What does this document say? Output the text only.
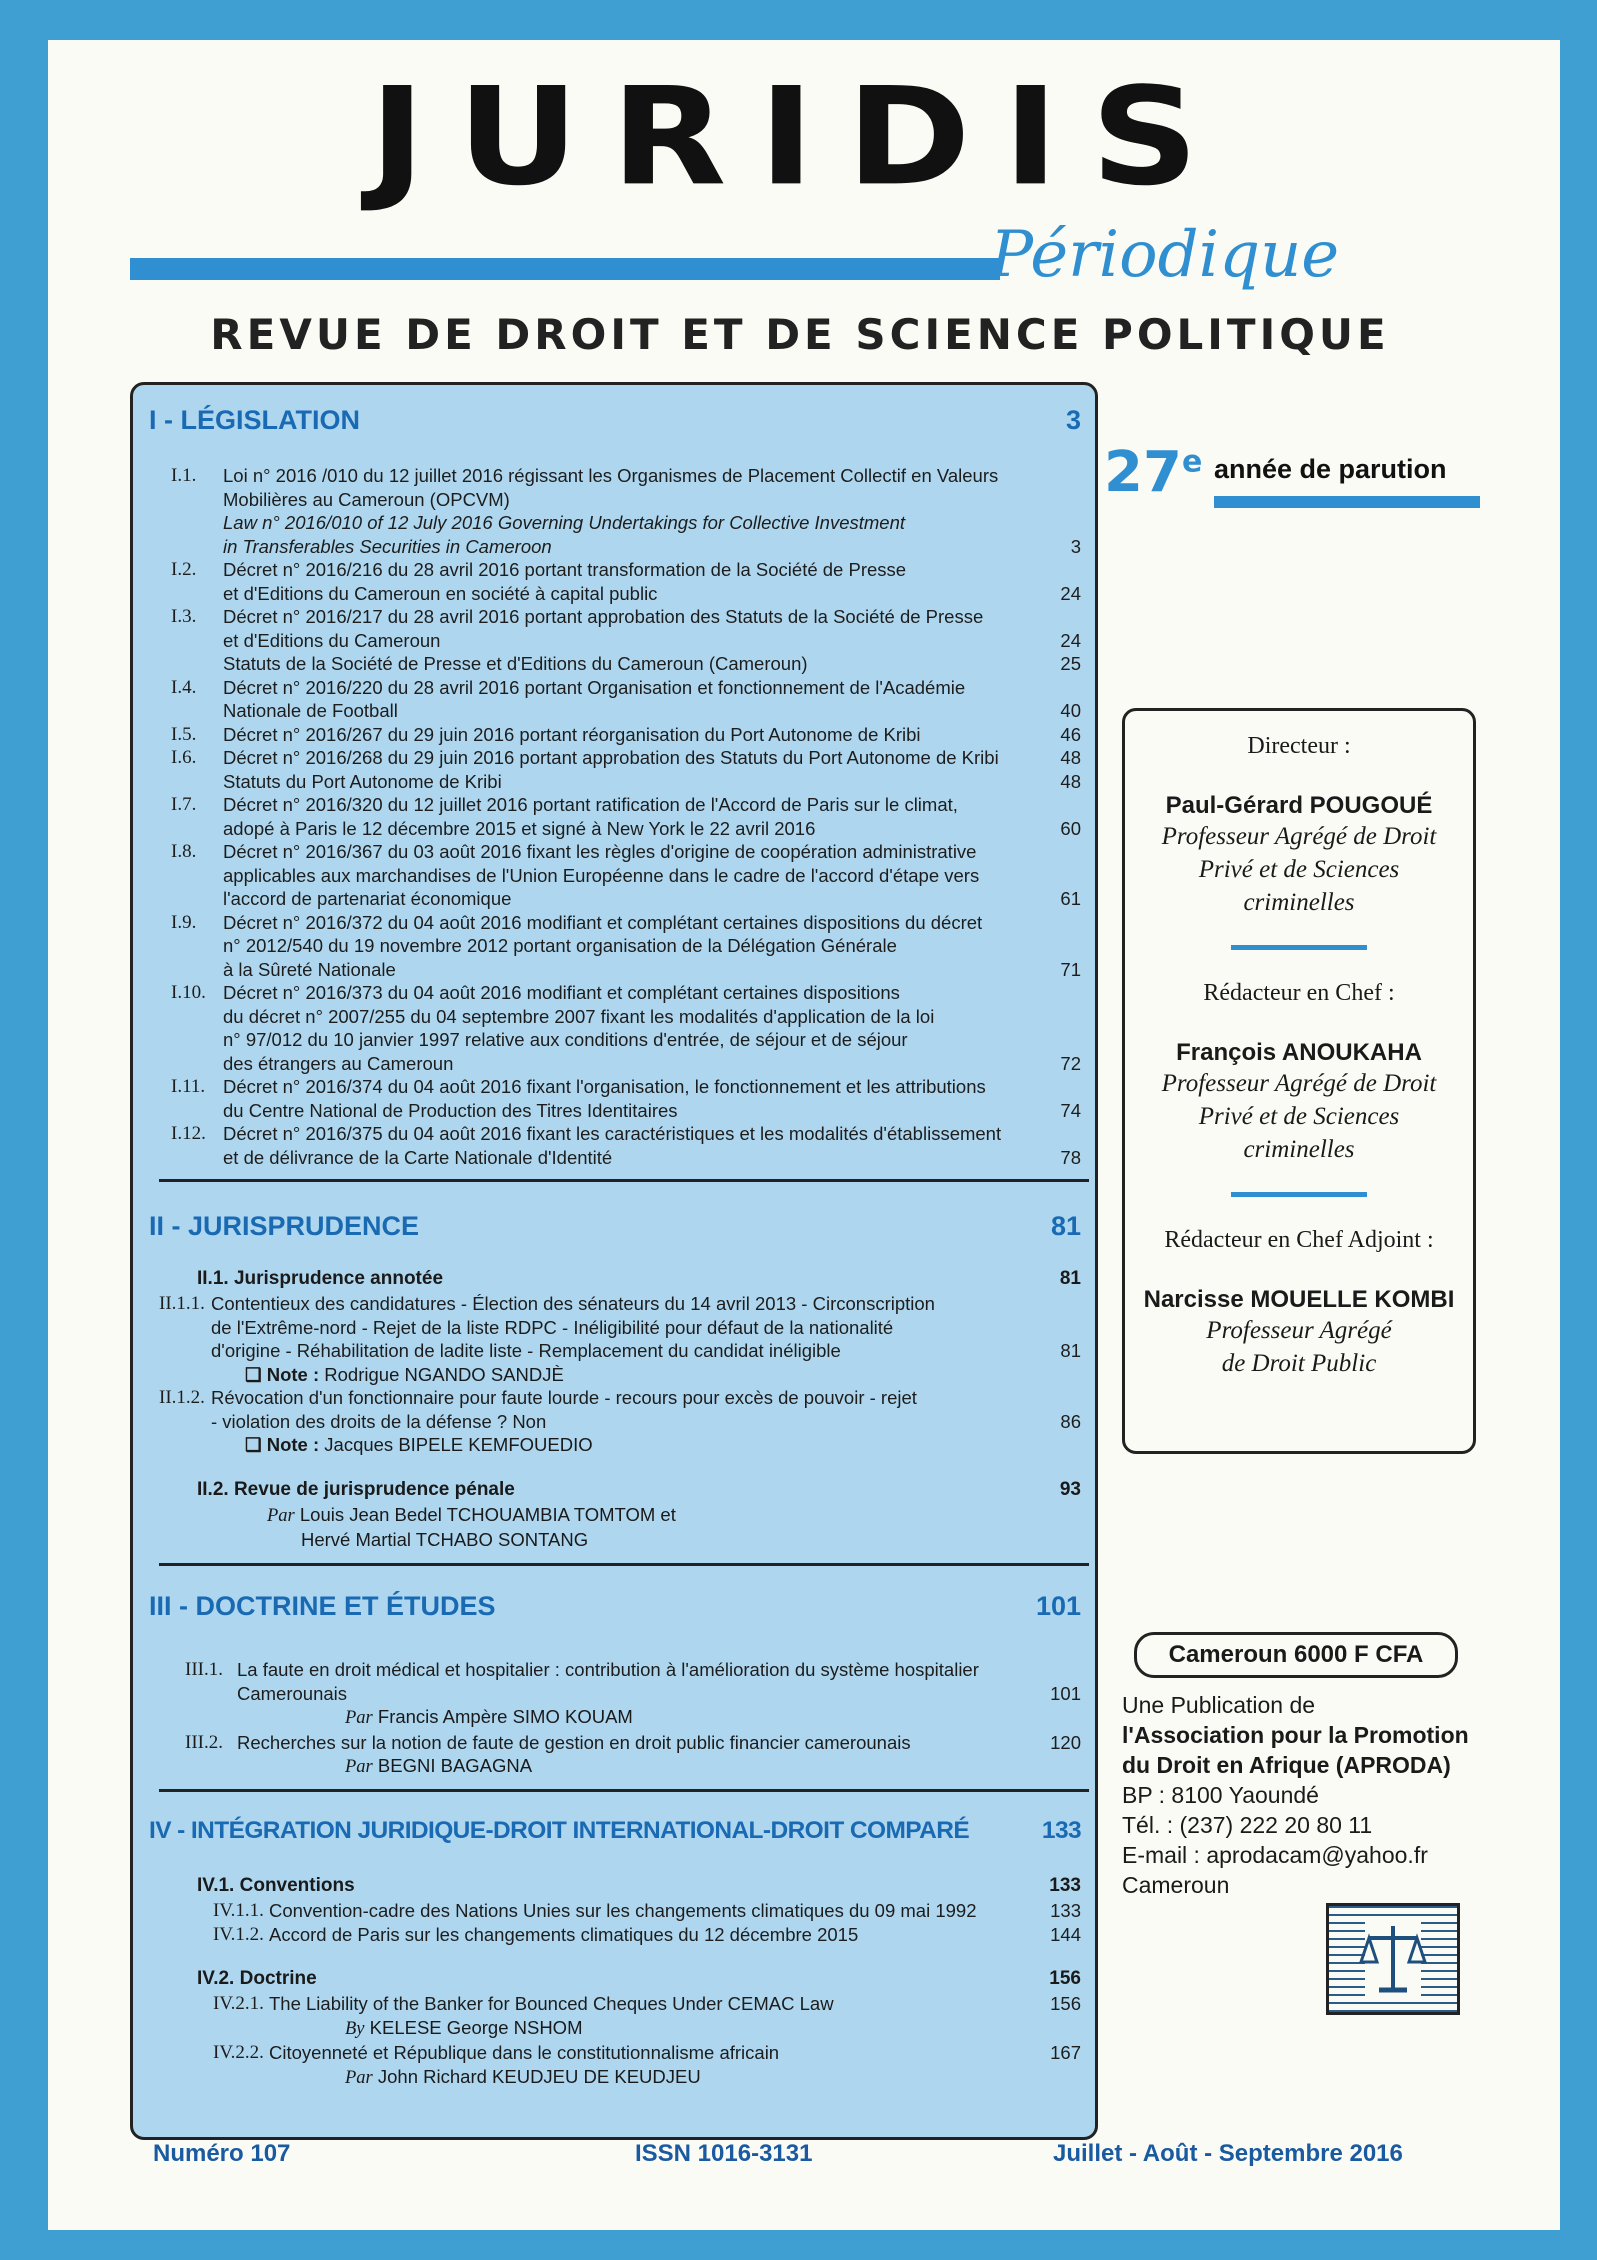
JURIDIS
Périodique
REVUE DE DROIT ET DE SCIENCE POLITIQUE
I - LÉGISLATION	3
I.1. Loi n° 2016 /010 du 12 juillet 2016 régissant les Organismes de Placement Collectif en Valeurs

Mobilières au Cameroun (OPCVM)

Law n° 2016/010 of 12 July 2016 Governing Undertakings for Collective Investment

in Transferables Securities in Cameroon	3
I.2. Décret n° 2016/216 du 28 avril 2016 portant transformation de la Société de Presse

et d'Editions du Cameroun en société à capital public	24
I.3. Décret n° 2016/217 du 28 avril 2016 portant approbation des Statuts de la Société de Presse

et d'Editions du Cameroun	24

Statuts de la Société de Presse et d'Editions du Cameroun (Cameroun)	25
I.4. Décret n° 2016/220 du 28 avril 2016 portant Organisation et fonctionnement de l'Académie

Nationale de Football	40
I.5. Décret n° 2016/267 du 29 juin 2016 portant réorganisation du Port Autonome de Kribi	46
I.6. Décret n° 2016/268 du 29 juin 2016 portant approbation des Statuts du Port Autonome de Kribi	48

Statuts du Port Autonome de Kribi	48
I.7. Décret n° 2016/320 du 12 juillet 2016 portant ratification de l'Accord de Paris sur le climat,

adopé à Paris le 12 décembre 2015 et signé à New York le 22 avril 2016	60
I.8. Décret n° 2016/367 du 03 août 2016 fixant les règles d'origine de coopération administrative

applicables aux marchandises de l'Union Européenne dans le cadre de l'accord d'étape vers

l'accord de partenariat économique	61
I.9. Décret n° 2016/372 du 04 août 2016 modifiant et complétant certaines dispositions du décret

n° 2012/540 du 19 novembre 2012 portant organisation de la Délégation Générale

à la Sûreté Nationale	71
I.10. Décret n° 2016/373 du 04 août 2016 modifiant et complétant certaines dispositions

du décret n° 2007/255 du 04 septembre 2007 fixant les modalités d'application de la loi

n° 97/012 du 10 janvier 1997 relative aux conditions d'entrée, de séjour et de séjour

des étrangers au Cameroun	72
I.11. Décret n° 2016/374 du 04 août 2016 fixant l'organisation, le fonctionnement et les attributions

du Centre National de Production des Titres Identitaires	74
I.12. Décret n° 2016/375 du 04 août 2016 fixant les caractéristiques et les modalités d'établissement

et de délivrance de la Carte Nationale d'Identité	78
II - JURISPRUDENCE	81
II.1. Jurisprudence annotée	81
II.1.1. Contentieux des candidatures - Élection des sénateurs du 14 avril 2013 - Circonscription

de l'Extrême-nord - Rejet de la liste RDPC - Inéligibilité pour défaut de la nationalité

d'origine - Réhabilitation de ladite liste - Remplacement du candidat inéligible	81
❑ Note : Rodrigue NGANDO SANDJÈ
II.1.2. Révocation d'un fonctionnaire pour faute lourde - recours pour excès de pouvoir - rejet

- violation des droits de la défense ? Non	86
❑ Note : Jacques BIPELE KEMFOUEDIO
II.2. Revue de jurisprudence pénale	93
Par Louis Jean Bedel TCHOUAMBIA TOMTOM et
Hervé Martial TCHABO SONTANG
III - DOCTRINE ET ÉTUDES	101
III.1. La faute en droit médical et hospitalier : contribution à l'amélioration du système hospitalier

Camerounais	101
Par Francis Ampère SIMO KOUAM
III.2. Recherches sur la notion de faute de gestion en droit public financier camerounais	120
Par BEGNI BAGAGNA
IV - INTÉGRATION JURIDIQUE-DROIT INTERNATIONAL-DROIT COMPARÉ	133
IV.1. Conventions	133
IV.1.1. Convention-cadre des Nations Unies sur les changements climatiques du 09 mai 1992	133
IV.1.2. Accord de Paris sur les changements climatiques du 12 décembre 2015	144
IV.2. Doctrine	156
IV.2.1. The Liability of the Banker for Bounced Cheques Under CEMAC Law	156
By KELESE George NSHOM
IV.2.2. Citoyenneté et République dans le constitutionnalisme africain	167
Par John Richard KEUDJEU DE KEUDJEU
27e année de parution
Directeur :
Paul-Gérard POUGOUÉ
Professeur Agrégé de Droit
Privé et de Sciences
criminelles
Rédacteur en Chef :
François ANOUKAHA
Professeur Agrégé de Droit
Privé et de Sciences
criminelles
Rédacteur en Chef Adjoint :
Narcisse MOUELLE KOMBI
Professeur Agrégé
de Droit Public
Cameroun 6000 F CFA
Une Publication de
l'Association pour la Promotion
du Droit en Afrique (APRODA)
BP : 8100 Yaoundé
Tél. : (237) 222 20 80 11
E-mail : aprodacam@yahoo.fr
Cameroun
Numéro 107	ISSN 1016-3131	Juillet - Août - Septembre 2016
